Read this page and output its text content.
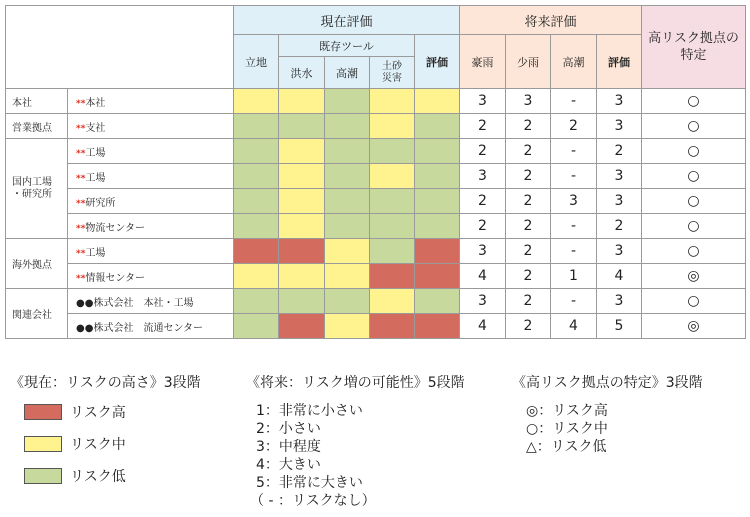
		現在評価					将来評価				高リスク拠点の
特定

		立地	既存ツール			評価	豪雨	少雨	高潮	評価	
			洪水	高潮	土砂
災害						

本社	**本社						3	3	-	3	○
営業拠点	**支社						2	2	2	3	○

国内工場
・研究所	**工場						2	2	-	2	○
	**工場						3	2	-	3	○
	**研究所						2	2	3	3	○
	**物流センター						2	2	-	2	○
海外拠点	**工場						3	2	-	3	○
	**情報センター						4	2	1	4	◎
関連会社	●●株式会社　本社・工場						3	2	-	3	○
	●●株式会社　流通センター						4	2	4	5	◎
《現在：リスクの高さ》3段階
リスク高
リスク中
リスク低
《将来：リスク増の可能性》5段階
1：非常に小さい
2：小さい
3：中程度
4：大きい
5：非常に大きい
（ - ：リスクなし）
《高リスク拠点の特定》3段階
◎：リスク高
○：リスク中
△：リスク低
